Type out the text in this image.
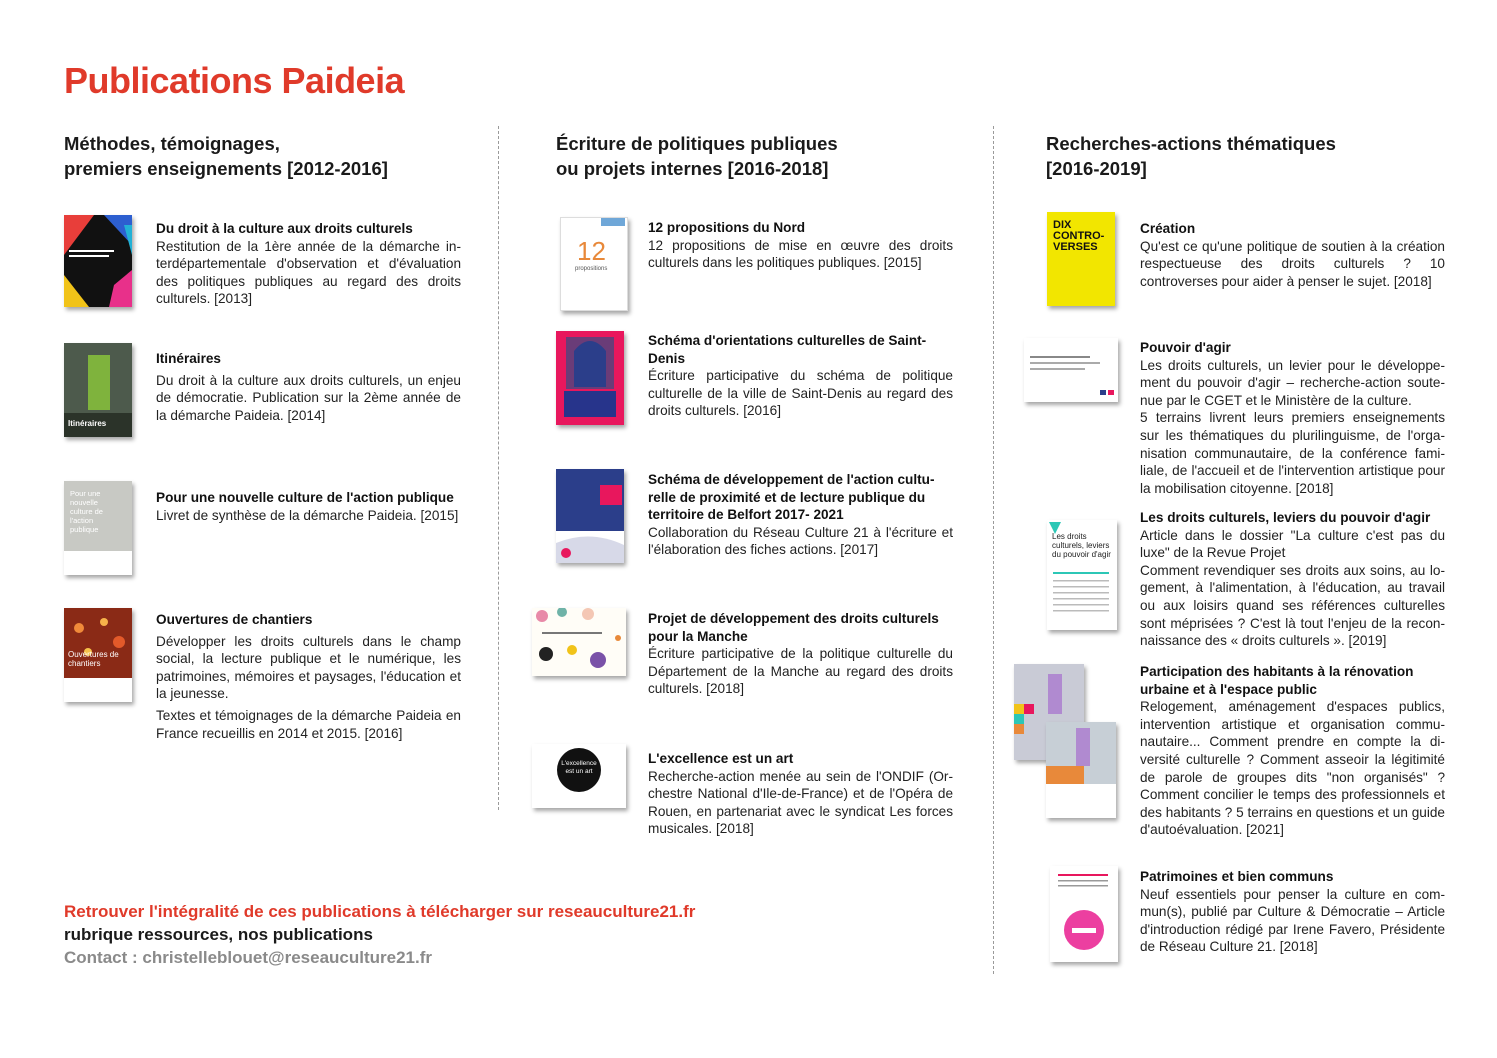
Publications Paideia
Méthodes, témoignages,
premiers enseignements [2012-2016]
Écriture de politiques publiques
ou projets internes [2016-2018]
Recherches-actions thématiques
[2016-2019]
Du droit à la culture aux droits culturels

Restitution de la 1ère année de la démarche interdépartementale d'observation et d'évaluation des politiques publiques au regard des droits culturels. [2013]

Itinéraires
Itinéraires

Du droit à la culture aux droits culturels, un enjeu de démocratie. Publication sur la 2ème année de la démarche Paideia. [2014]

Pour une nouvelle culture de l'action publique
Pour une nouvelle culture de l'action publique

Livret de synthèse de la démarche Paideia. [2015]

Ouvertures de chantiers
Ouvertures de chantiers

Développer les droits culturels dans le champ social, la lecture publique et le numérique, les patrimoines, mémoires et paysages, l'éducation et la jeunesse.

Textes et témoignages de la démarche Paideia en France recueillis en 2014 et 2015. [2016]

12
propositions
12 propositions du Nord

12 propositions de mise en œuvre des droits culturels dans les politiques publiques. [2015]

Schéma d'orientations culturelles de Saint-Denis

Écriture participative du schéma de politique culturelle de la ville de Saint-Denis au regard des droits culturels. [2016]

Schéma de développement de l'action culturelle de proximité et de lecture publique du territoire de Belfort 2017- 2021

Collaboration du Réseau Culture 21 à l'écriture et l'élaboration des fiches actions. [2017]

Projet de développement des droits culturels pour la Manche

Écriture participative de la politique culturelle du Département de la Manche au regard des droits culturels. [2018]

L'excellence est un art
L'excellence est un art

Recherche-action menée au sein de l'ONDIF (Orchestre National d'Ile-de-France) et de l'Opéra de Rouen, en partenariat avec le syndicat Les forces musicales. [2018]

DIX CONTRO- VERSES
Création

Qu'est ce qu'une politique de soutien à la création respectueuse des droits culturels ? 10 controverses pour aider à penser le sujet. [2018]

Pouvoir d'agir

Les droits culturels, un levier pour le développement du pouvoir d'agir – recherche-action soutenue par le CGET et le Ministère de la culture.

5 terrains livrent leurs premiers enseignements sur les thématiques du plurilinguisme, de l'organisation communautaire, de la conférence familiale, de l'accueil et de l'intervention artistique pour la mobilisation citoyenne. [2018]

Les droits culturels, leviers du pouvoir d'agir
Les droits culturels, leviers du pouvoir d'agir

Article dans le dossier "La culture c'est pas du luxe" de la Revue Projet

Comment revendiquer ses droits aux soins, au logement, à l'alimentation, à l'éducation, au travail ou aux loisirs quand ses références culturelles sont méprisées ? C'est là tout l'enjeu de la reconnaissance des « droits culturels ». [2019]

Participation des habitants à la rénovation urbaine et à l'espace public

Relogement, aménagement d'espaces publics, intervention artistique et organisation communautaire... Comment prendre en compte la diversité culturelle ? Comment asseoir la légitimité de parole de groupes dits "non organisés" ? Comment concilier le temps des professionnels et des habitants ? 5 terrains en questions et un guide d'autoévaluation. [2021]

Patrimoines et bien communs

Neuf essentiels pour penser la culture en commun(s), publié par Culture & Démocratie – Article d'introduction rédigé par Irene Favero, Présidente de Réseau Culture 21. [2018]

Retrouver l'intégralité de ces publications à télécharger sur reseauculture21.fr
rubrique ressources, nos publications
Contact : christelleblouet@reseauculture21.fr
